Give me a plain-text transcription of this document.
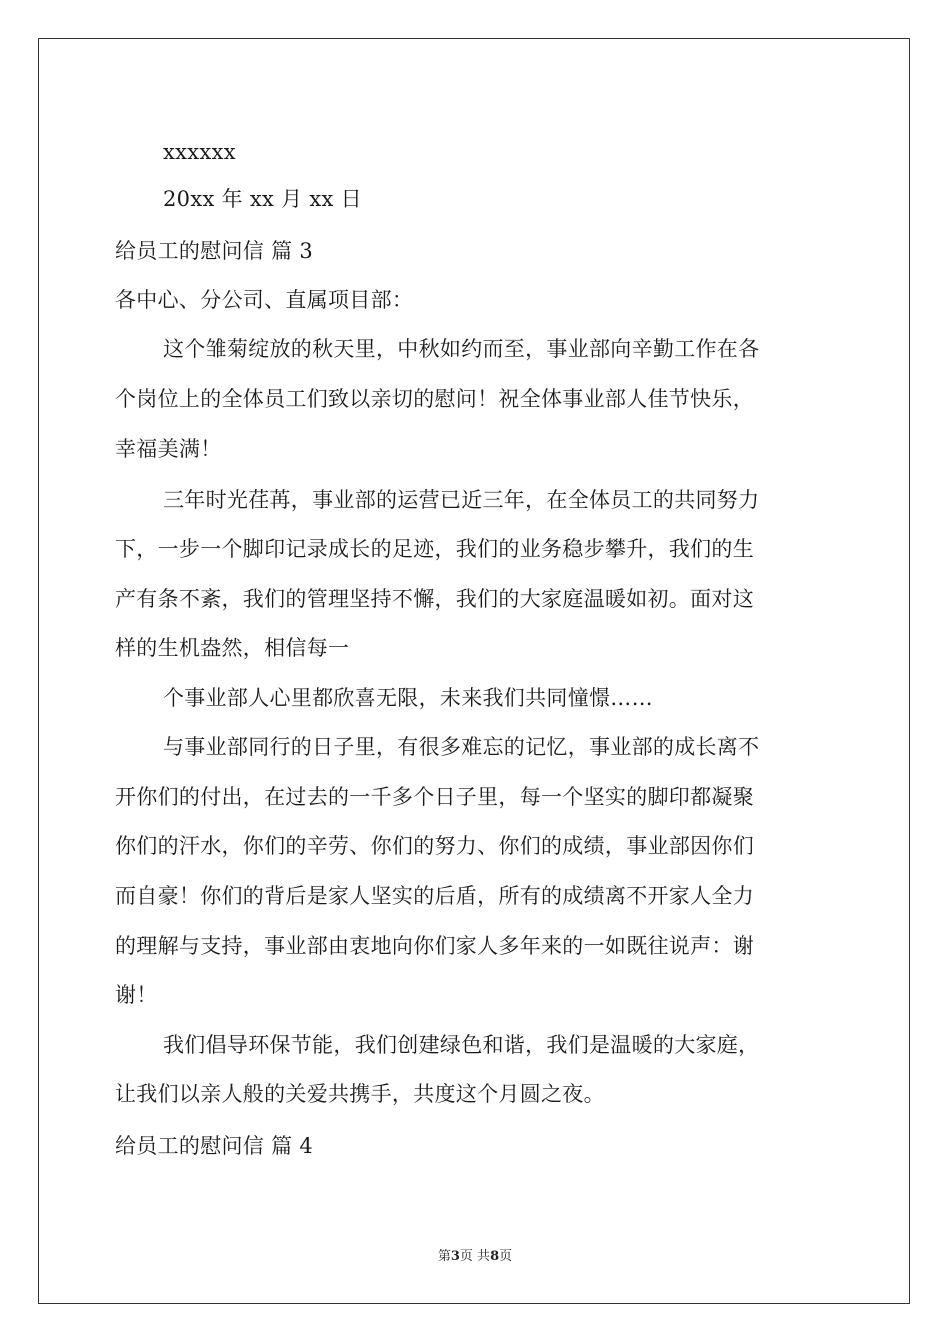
xxxxxx
20xx 年 xx 月 xx 日
给员工的慰问信 篇 3
各中心、分公司、直属项目部：
这个雏菊绽放的秋天里，中秋如约而至，事业部向辛勤工作在各
个岗位上的全体员工们致以亲切的慰问！祝全体事业部人佳节快乐，
幸福美满！
三年时光荏苒，事业部的运营已近三年，在全体员工的共同努力
下，一步一个脚印记录成长的足迹，我们的业务稳步攀升，我们的生
产有条不紊，我们的管理坚持不懈，我们的大家庭温暖如初。面对这
样的生机盎然，相信每一
个事业部人心里都欣喜无限，未来我们共同憧憬……
与事业部同行的日子里，有很多难忘的记忆，事业部的成长离不
开你们的付出，在过去的一千多个日子里，每一个坚实的脚印都凝聚
你们的汗水，你们的辛劳、你们的努力、你们的成绩，事业部因你们
而自豪！你们的背后是家人坚实的后盾，所有的成绩离不开家人全力
的理解与支持，事业部由衷地向你们家人多年来的一如既往说声：谢
谢！
我们倡导环保节能，我们创建绿色和谐，我们是温暖的大家庭，
让我们以亲人般的关爱共携手，共度这个月圆之夜。
给员工的慰问信 篇 4
第3页 共8页
